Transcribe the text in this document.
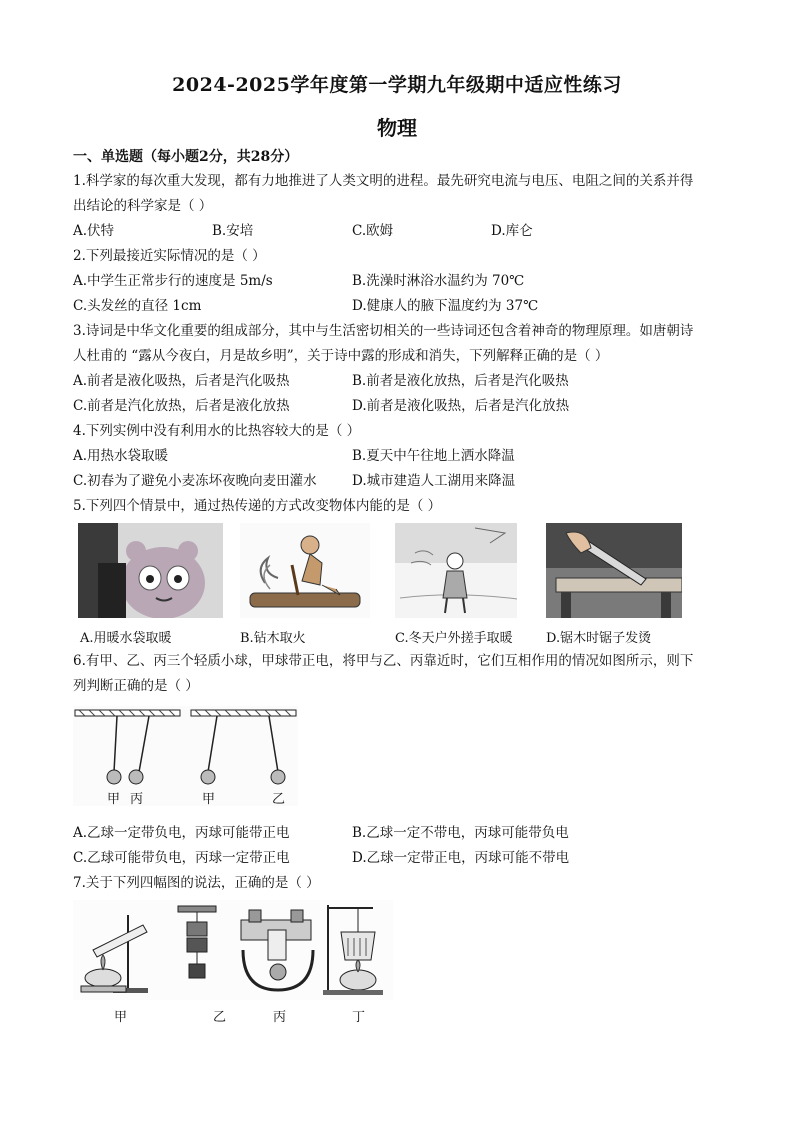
2024-2025学年度第一学期九年级期中适应性练习
物理
一、单选题（每小题2分，共28分）
1.科学家的每次重大发现，都有力地推进了人类文明的进程。最先研究电流与电压、电阻之间的关系并得
出结论的科学家是（ ）
A.伏特	B.安培	C.欧姆	D.库仑
2.下列最接近实际情况的是（ ）
A.中学生正常步行的速度是 5m/s	B.洗澡时淋浴水温约为 70℃
C.头发丝的直径 1cm	D.健康人的腋下温度约为 37℃
3.诗词是中华文化重要的组成部分，其中与生活密切相关的一些诗词还包含着神奇的物理原理。如唐朝诗
人杜甫的 “露从今夜白，月是故乡明”，关于诗中露的形成和消失，下列解释正确的是（ ）
A.前者是液化吸热，后者是汽化吸热	B.前者是液化放热，后者是汽化吸热
C.前者是汽化放热，后者是液化放热	D.前者是液化吸热，后者是汽化放热
4.下列实例中没有利用水的比热容较大的是（ ）
A.用热水袋取暖	B.夏天中午往地上洒水降温
C.初春为了避免小麦冻坏夜晚向麦田灌水	D.城市建造人工湖用来降温
5.下列四个情景中，通过热传递的方式改变物体内能的是（ ）
A.用暖水袋取暖	B.钻木取火	C.冬天户外搓手取暖	D.锯木时锯子发烫
6.有甲、乙、丙三个轻质小球，甲球带正电，将甲与乙、丙靠近时，它们互相作用的情况如图所示，则下
列判断正确的是（ ）
甲 丙	甲	乙
A.乙球一定带负电，丙球可能带正电	B.乙球一定不带电，丙球可能带负电
C.乙球可能带负电，丙球一定带正电	D.乙球一定带正电，丙球可能不带电
7.关于下列四幅图的说法，正确的是（ ）
甲	乙	丙	丁
